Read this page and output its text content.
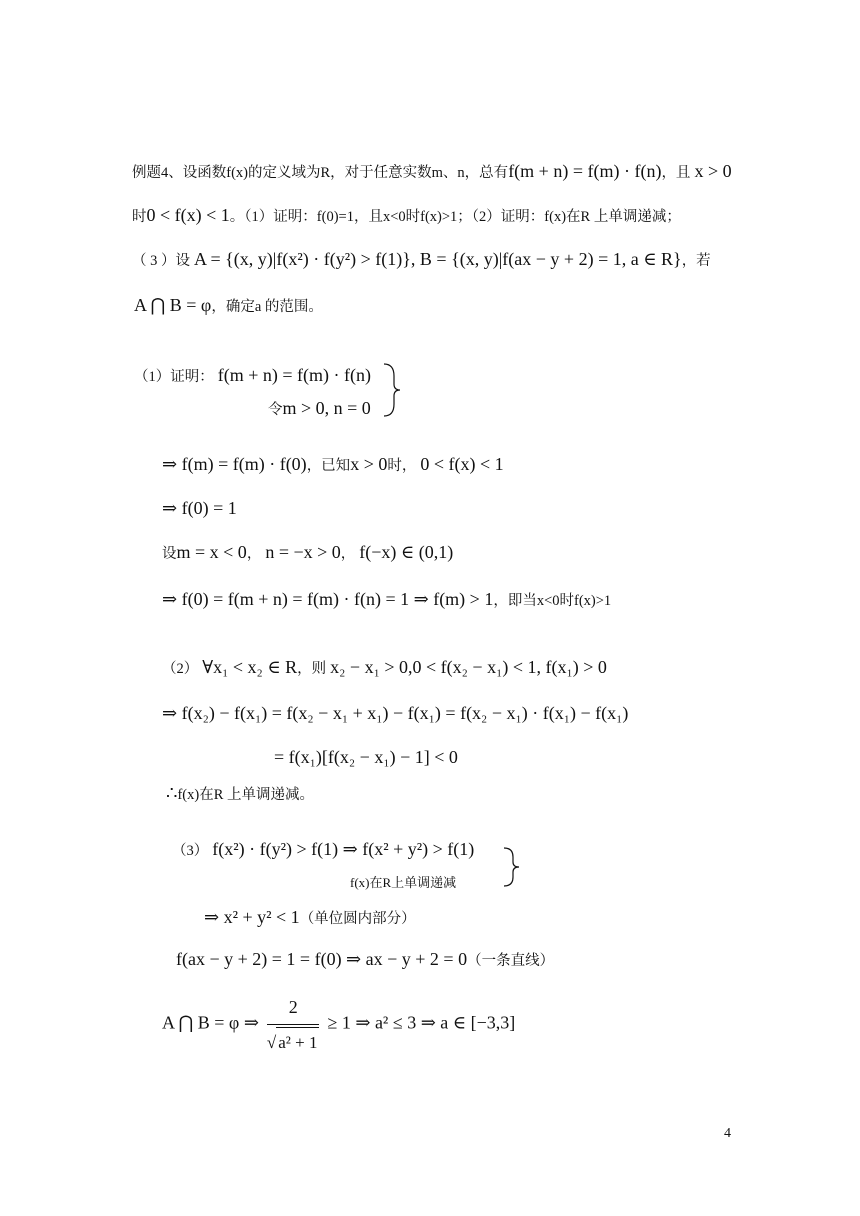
例题4、设函数f(x)的定义域为R，对于任意实数m、n，总有f(m + n) = f(m) · f(n)，且 x > 0
时0 < f(x) < 1。（1）证明：f(0)=1，且x<0时f(x)>1；（2）证明：f(x)在R 上单调递减；
（ 3 ）设 A = {(x, y)|f(x²) · f(y²) > f(1)}, B = {(x, y)|f(ax − y + 2) = 1, a ∈ R}，若
A ⋂ B = φ，确定a 的范围。
（1）证明： f(m + n) = f(m) · f(n)
令m > 0, n = 0
⇒ f(m) = f(m) · f(0)，已知x > 0时， 0 < f(x) < 1
⇒ f(0) = 1
设m = x < 0， n = −x > 0， f(−x) ∈ (0,1)
⇒ f(0) = f(m + n) = f(m) · f(n) = 1 ⇒ f(m) > 1，即当x<0时f(x)>1
（2） ∀x₁ < x₂ ∈ R，则 x₂ − x₁ > 0,0 < f(x₂ − x₁) < 1, f(x₁) > 0
⇒ f(x₂) − f(x₁) = f(x₂ − x₁ + x₁) − f(x₁) = f(x₂ − x₁) · f(x₁) − f(x₁)
= f(x₁)[f(x₂ − x₁) − 1] < 0
∴f(x)在R 上单调递减。
（3） f(x²) · f(y²) > f(1) ⇒ f(x² + y²) > f(1)
f(x)在R上单调递减
⇒ x² + y² < 1（单位圆内部分）
f(ax − y + 2) = 1 = f(0) ⇒ ax − y + 2 = 0（一条直线）
A ⋂ B = φ ⇒ $\frac{2}{\text{√ a² + 1}} \ge 1$ ⇒ a² ≤ 3 ⇒ a ∈ [−3,3]
4
